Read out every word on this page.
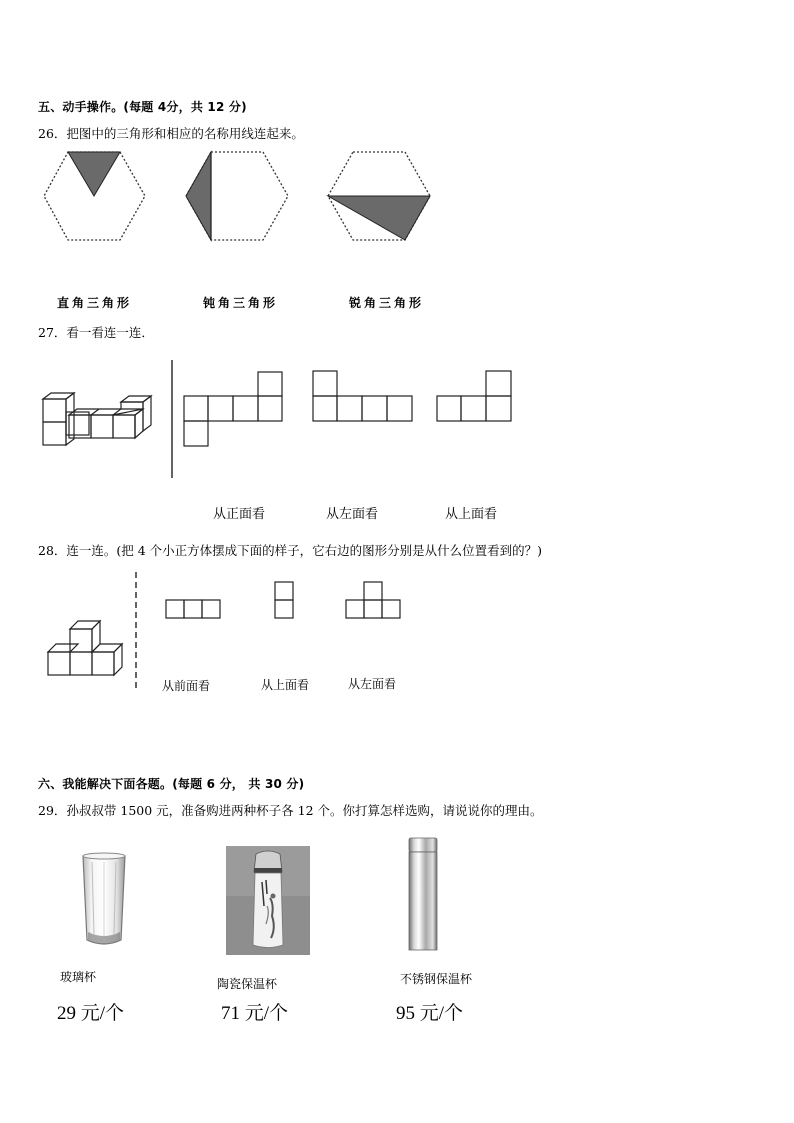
五、动手操作。(每题 4分，共 12 分)
26．把图中的三角形和相应的名称用线连起来。
直角三角形	钝角三角形	锐角三角形
27．看一看连一连．
从正面看	从左面看	从上面看
28．连一连。(把 4 个小正方体摆成下面的样子，它右边的图形分别是从什么位置看到的？)
从前面看	从上面看	从左面看
六、我能解决下面各题。(每题 6 分， 共 30 分)
29．孙叔叔带 1500 元，准备购进两种杯子各 12 个。你打算怎样选购，请说说你的理由。
玻璃杯	陶瓷保温杯	不锈钢保温杯
29 元/个	71 元/个	95 元/个
